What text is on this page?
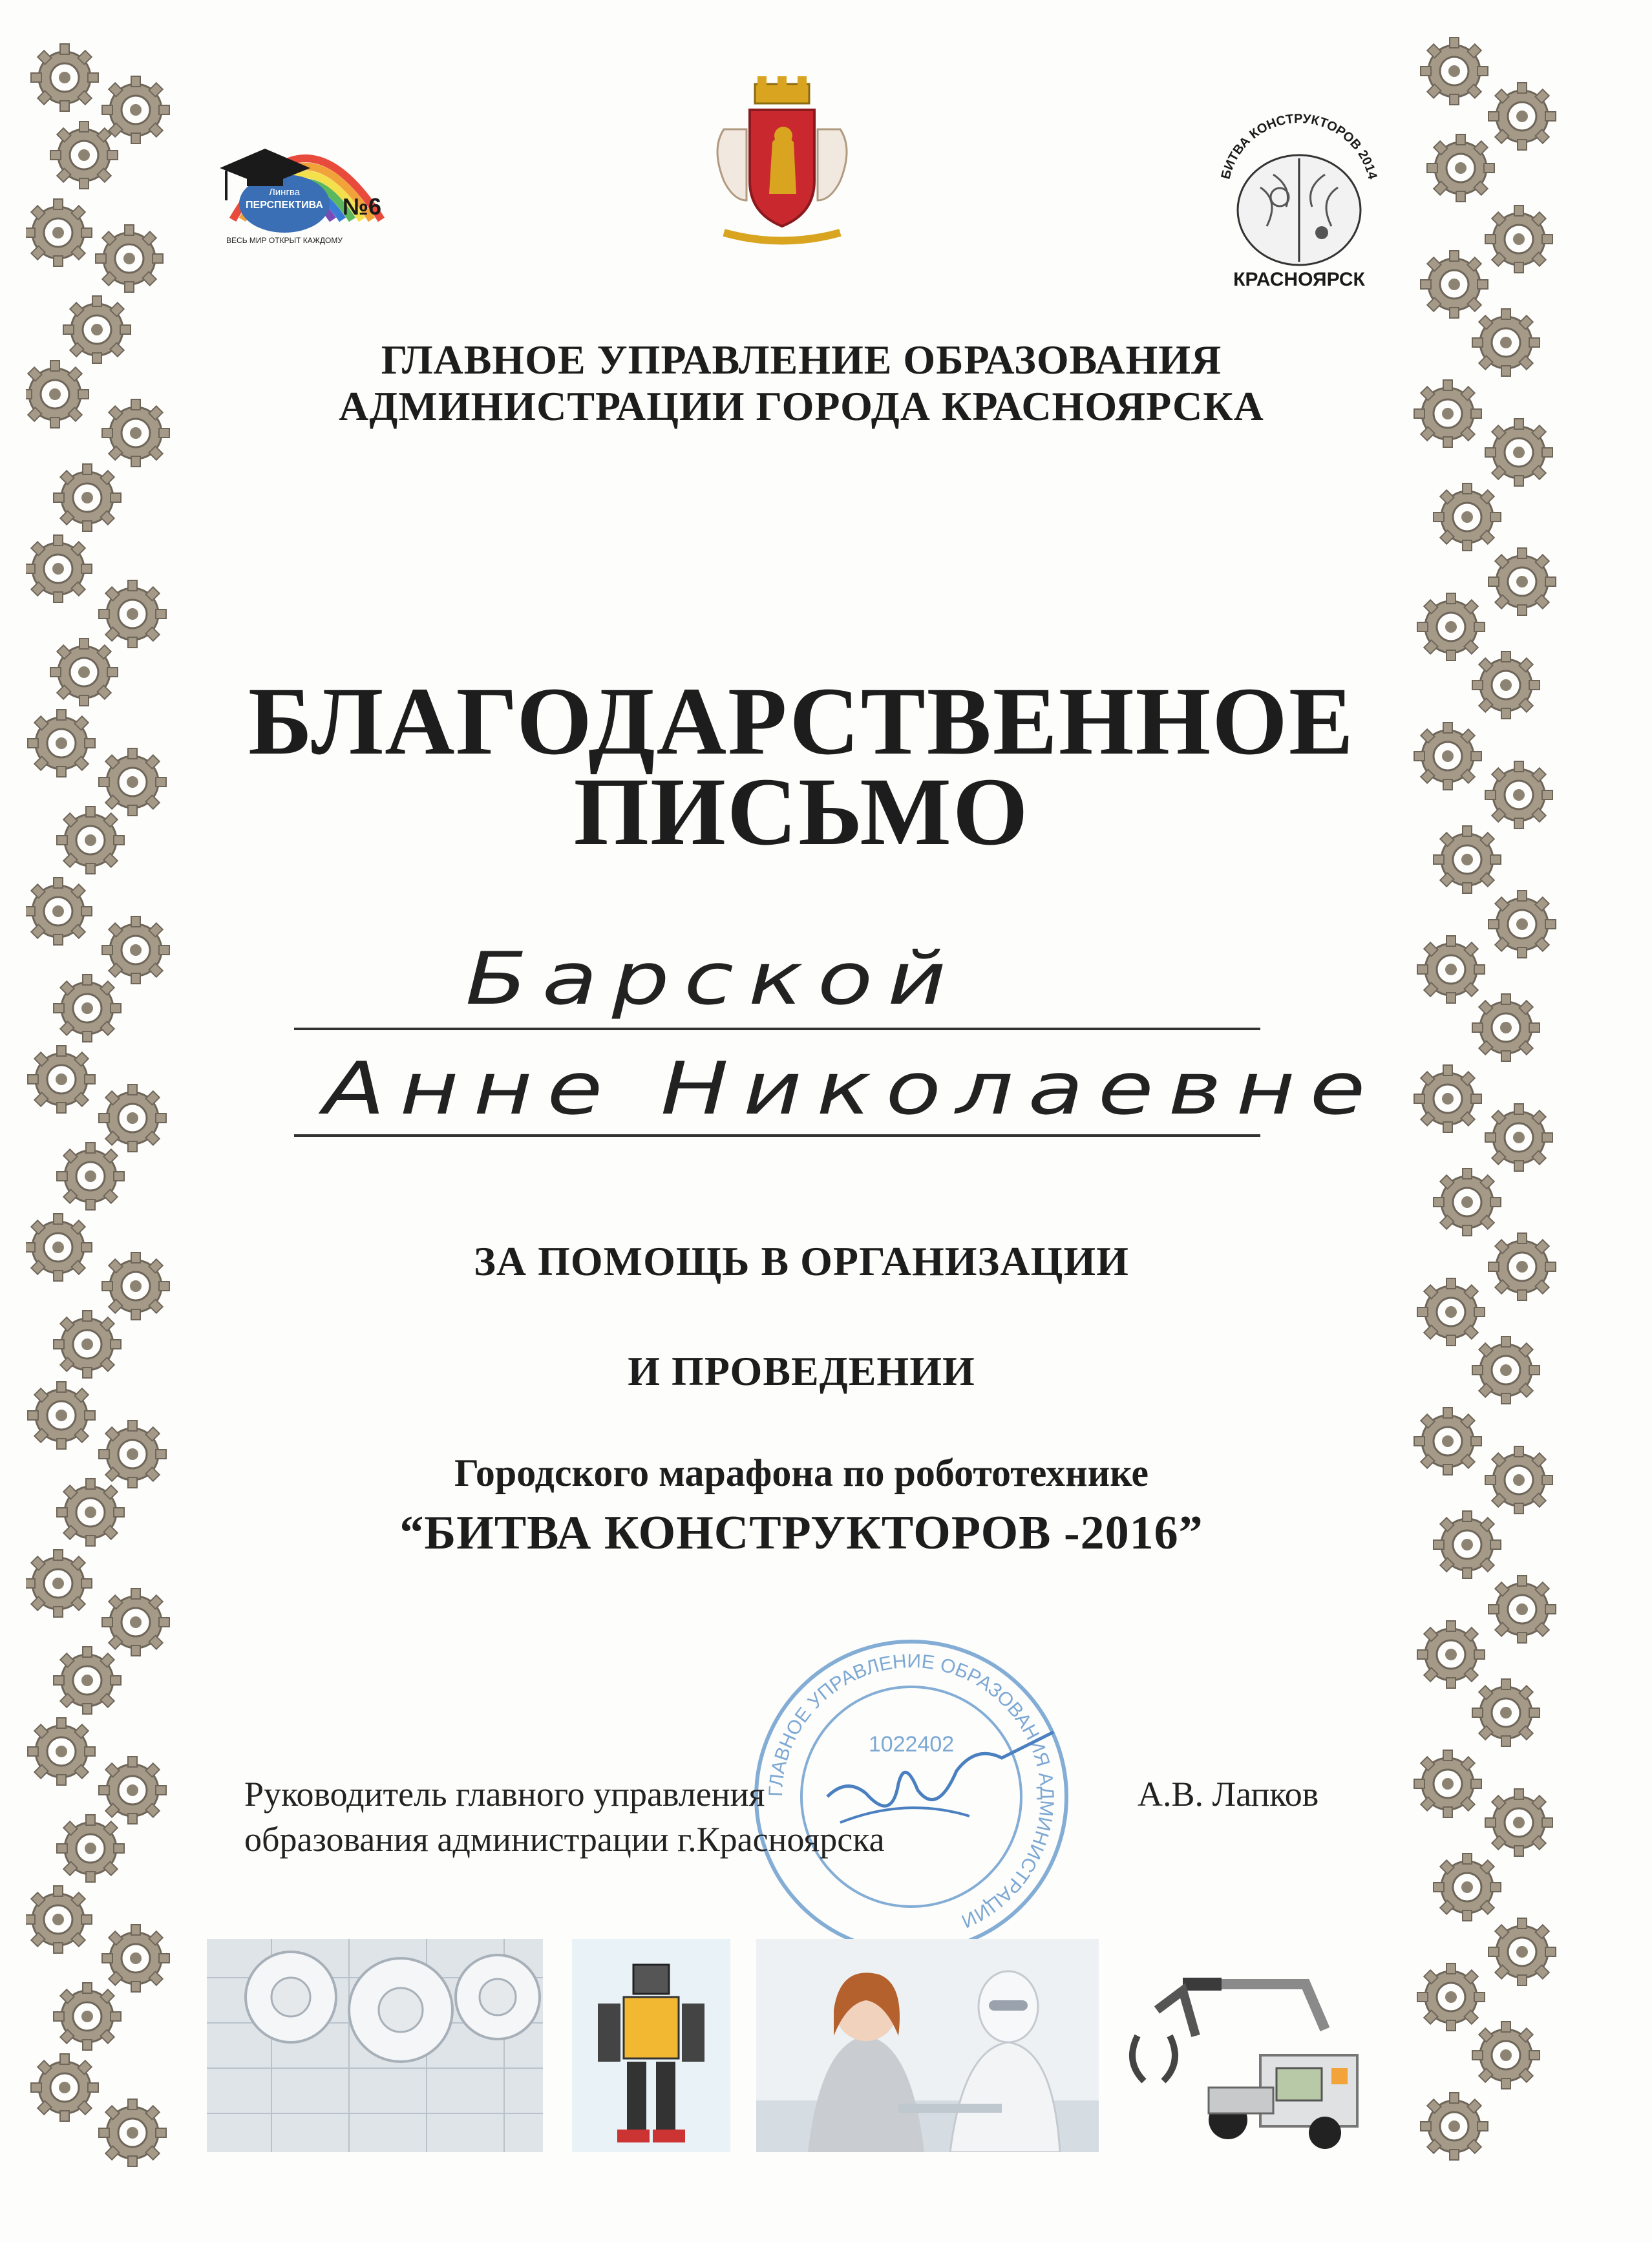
Лингва
ПЕРСПЕКТИВА №6
ВЕСЬ МИР ОТКРЫТ КАЖДОМУ
БИТВА КОНСТРУКТОРОВ 2014
КРАСНОЯРСК
ГЛАВНОЕ УПРАВЛЕНИЕ ОБРАЗОВАНИЯ
АДМИНИСТРАЦИИ ГОРОДА КРАСНОЯРСКА
БЛАГОДАРСТВЕННОЕ
ПИСЬМО
Барской
Анне Николаевне
ЗА ПОМОЩЬ В ОРГАНИЗАЦИИ
И ПРОВЕДЕНИИ
Городского марафона по робототехнике
“БИТВА КОНСТРУКТОРОВ -2016”
ГЛАВНОЕ УПРАВЛЕНИЕ ОБРАЗОВАНИЯ АДМИНИСТРАЦИИ
1022402
Руководитель главного управления
образования администрации г.Красноярска
А.В. Лапков
